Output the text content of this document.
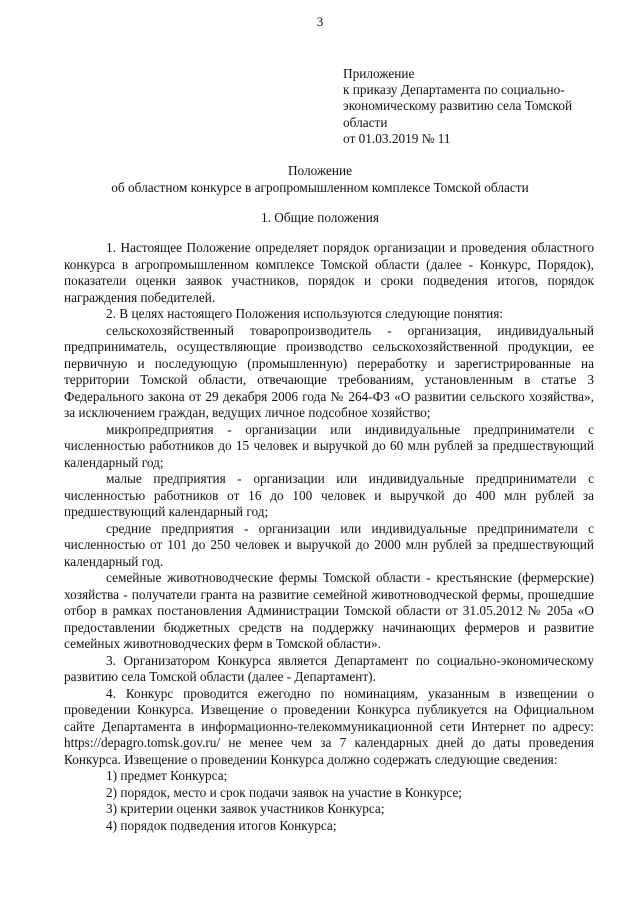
3
Приложение
к приказу Департамента по социально-
экономическому развитию села Томской
области
от 01.03.2019 № 11
Положение
об областном конкурсе в агропромышленном комплексе Томской области
1. Общие положения

1. Настоящее Положение определяет порядок организации и проведения областного конкурса в агропромышленном комплексе Томской области (далее - Конкурс, Порядок), показатели оценки заявок участников, порядок и сроки подведения итогов, порядок награждения победителей.

2. В целях настоящего Положения используются следующие понятия:

сельскохозяйственный товаропроизводитель - организация, индивидуальный предприниматель, осуществляющие производство сельскохозяйственной продукции, ее первичную и последующую (промышленную) переработку и зарегистрированные на территории Томской области, отвечающие требованиям, установленным в статье 3 Федерального закона от 29 декабря 2006 года № 264-ФЗ «О развитии сельского хозяйства», за исключением граждан, ведущих личное подсобное хозяйство;

микропредприятия - организации или индивидуальные предприниматели с численностью работников до 15 человек и выручкой до 60 млн рублей за предшествующий календарный год;

малые предприятия - организации или индивидуальные предприниматели с численностью работников от 16 до 100 человек и выручкой до 400 млн рублей за предшествующий календарный год;

средние предприятия - организации или индивидуальные предприниматели с численностью от 101 до 250 человек и выручкой до 2000 млн рублей за предшествующий календарный год.

семейные животноводческие фермы Томской области - крестьянские (фермерские) хозяйства - получатели гранта на развитие семейной животноводческой фермы, прошедшие отбор в рамках постановления Администрации Томской области от 31.05.2012 № 205а «О предоставлении бюджетных средств на поддержку начинающих фермеров и развитие семейных животноводческих ферм в Томской области».

3. Организатором Конкурса является Департамент по социально-экономическому развитию села Томской области (далее - Департамент).

4. Конкурс проводится ежегодно по номинациям, указанным в извещении о проведении Конкурса. Извещение о проведении Конкурса публикуется на Официальном сайте Департамента в информационно-телекоммуникационной сети Интернет по адресу: https://depagro.tomsk.gov.ru/ не менее чем за 7 календарных дней до даты проведения Конкурса. Извещение о проведении Конкурса должно содержать следующие сведения:

1) предмет Конкурса;

2) порядок, место и срок подачи заявок на участие в Конкурсе;

3) критерии оценки заявок участников Конкурса;

4) порядок подведения итогов Конкурса;
